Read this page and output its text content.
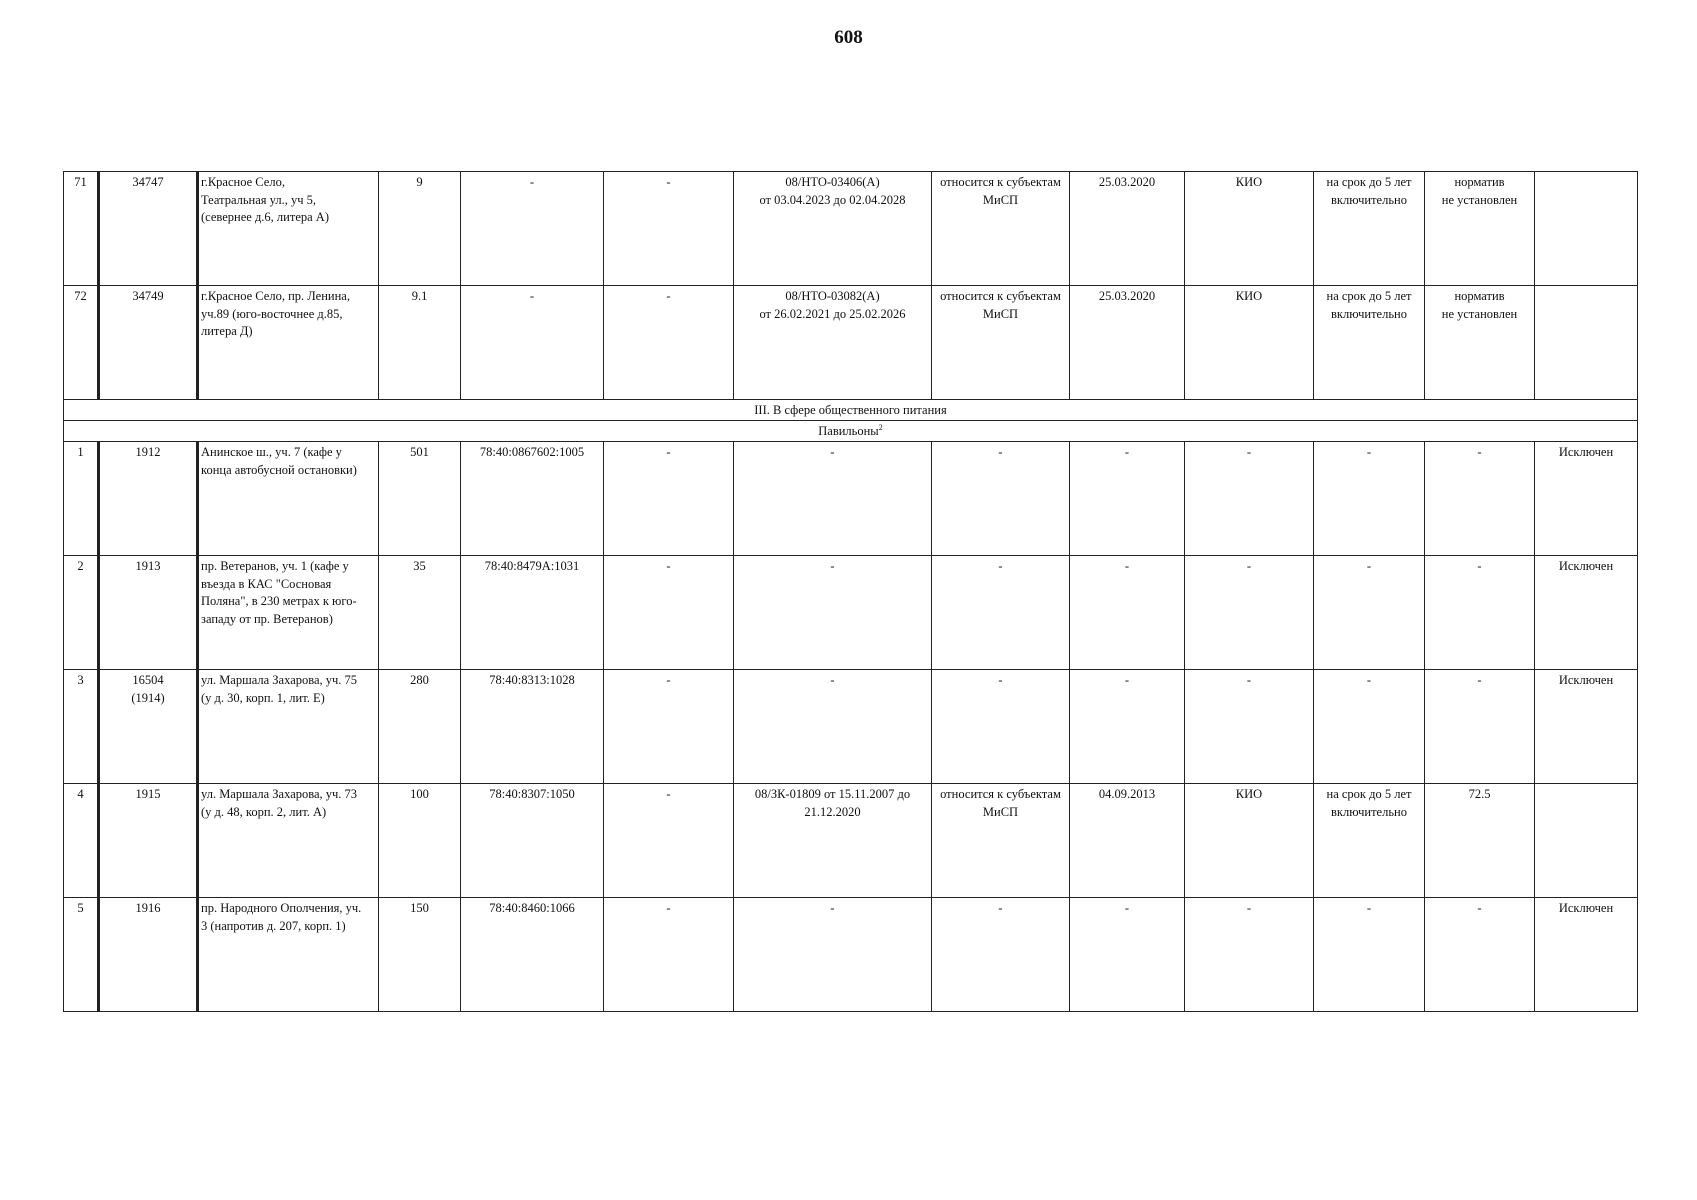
608
71	34747	г.Красное Село,
Театральная ул., уч 5,
(севернее д.6, литера А)	9	-	-	08/НТО-03406(А)
от 03.04.2023 до 02.04.2028	относится к субъектам
МиСП	25.03.2020	КИО	на срок до 5 лет
включительно	норматив
не установлен	
72	34749	г.Красное Село, пр. Ленина,
уч.89 (юго-восточнее д.85,
литера Д)	9.1	-	-	08/НТО-03082(А)
от 26.02.2021 до 25.02.2026	относится к субъектам
МиСП	25.03.2020	КИО	на срок до 5 лет
включительно	норматив
не установлен	
III. В сфере общественного питания												
Павильоны$^2$
1	1912	Анинское ш., уч. 7 (кафе у
конца автобусной остановки)	501	78:40:0867602:1005	-	-	-	-	-	-	-	Исключен
2	1913	пр. Ветеранов, уч. 1 (кафе у
въезда в КАС "Сосновая
Поляна", в 230 метрах к юго-
западу от пр. Ветеранов)	35	78:40:8479А:1031	-	-	-	-	-	-	-	Исключен
3	16504
(1914)	ул. Маршала Захарова, уч. 75
(у д. 30, корп. 1, лит. Е)	280	78:40:8313:1028	-	-	-	-	-	-	-	Исключен
4	1915	ул. Маршала Захарова, уч. 73
(у д. 48, корп. 2, лит. А)	100	78:40:8307:1050	-	08/ЗК-01809 от 15.11.2007 до
21.12.2020	относится к субъектам
МиСП	04.09.2013	КИО	на срок до 5 лет
включительно	72.5	
5	1916	пр. Народного Ополчения, уч.
3 (напротив д. 207, корп. 1)	150	78:40:8460:1066	-	-	-	-	-	-	-	Исключен
